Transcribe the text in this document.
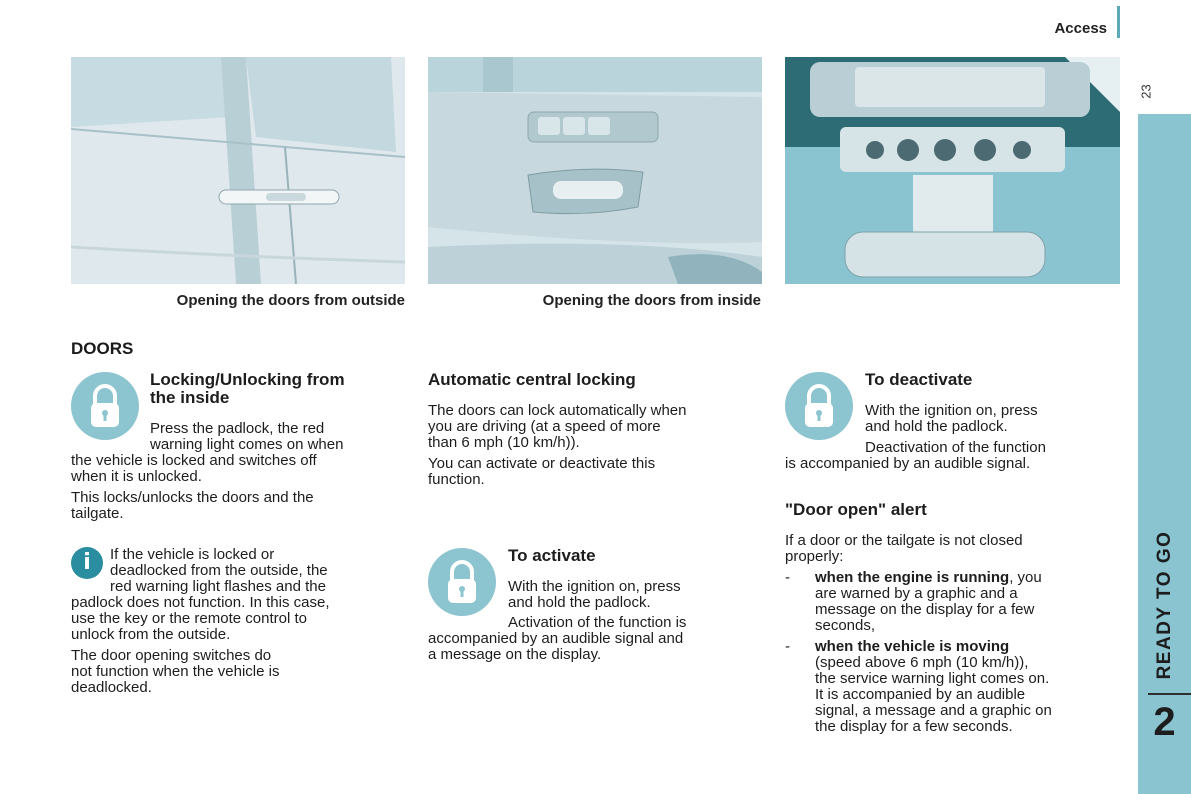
Access
23
READY TO GO
2
Opening the doors from outside	Opening the doors from inside
DOORS
Locking/Unlocking from
the inside
Press the padlock, the red
warning light comes on when
the vehicle is locked and switches off
when it is unlocked.
This locks/unlocks the doors and the
tailgate.
i	If the vehicle is locked or
deadlocked from the outside, the
red warning light flashes and the
padlock does not function. In this case,
use the key or the remote control to
unlock from the outside.
The door opening switches do
not function when the vehicle is
deadlocked.
Automatic central locking
The doors can lock automatically when
you are driving (at a speed of more
than 6 mph (10 km/h)).
You can activate or deactivate this
function.
To activate
With the ignition on, press
and hold the padlock.
Activation of the function is
accompanied by an audible signal and
a message on the display.
To deactivate
With the ignition on, press
and hold the padlock.
Deactivation of the function
is accompanied by an audible signal.
"Door open" alert
If a door or the tailgate is not closed
properly:
- when the engine is running, you
are warned by a graphic and a
message on the display for a few
seconds,
- when the vehicle is moving
(speed above 6 mph (10 km/h)),
the service warning light comes on.
It is accompanied by an audible
signal, a message and a graphic on
the display for a few seconds.
